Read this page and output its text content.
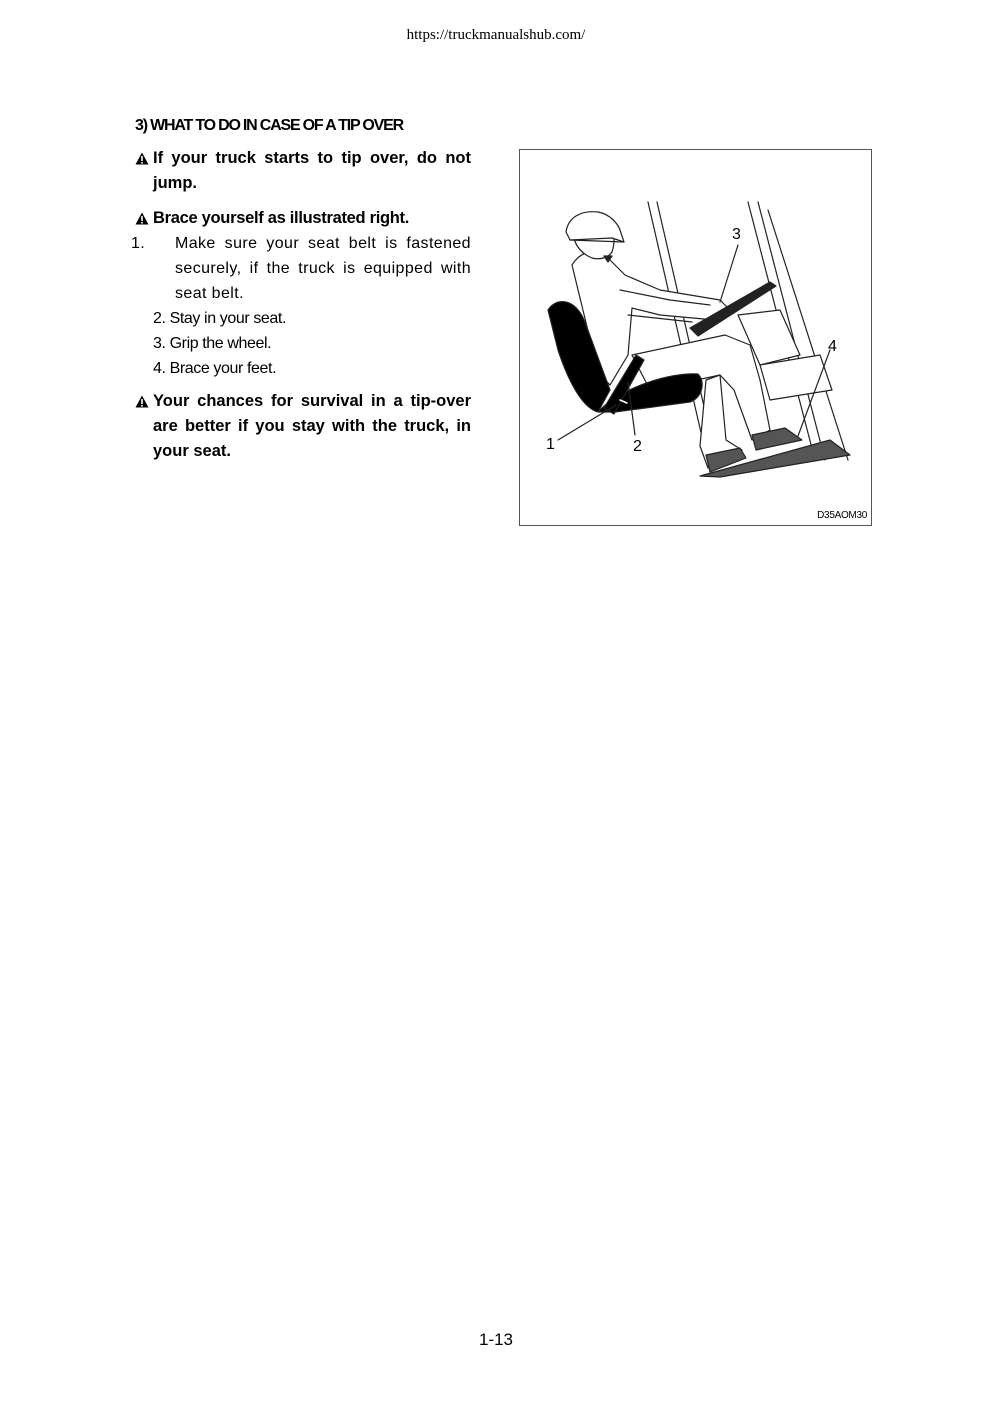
https://truckmanualshub.com/
3) WHAT TO DO IN CASE OF A TIP OVER
If your truck starts to tip over, do not jump.
Brace yourself as illustrated right.
1. Make sure your seat belt is fastened securely, if the truck is equipped with seat belt.
2. Stay in your seat.
3. Grip the wheel.
4. Brace your feet.
Your chances for survival in a tip-over are better if you stay with the truck, in your seat.	1	2
3
4
D35AOM30
1-13
